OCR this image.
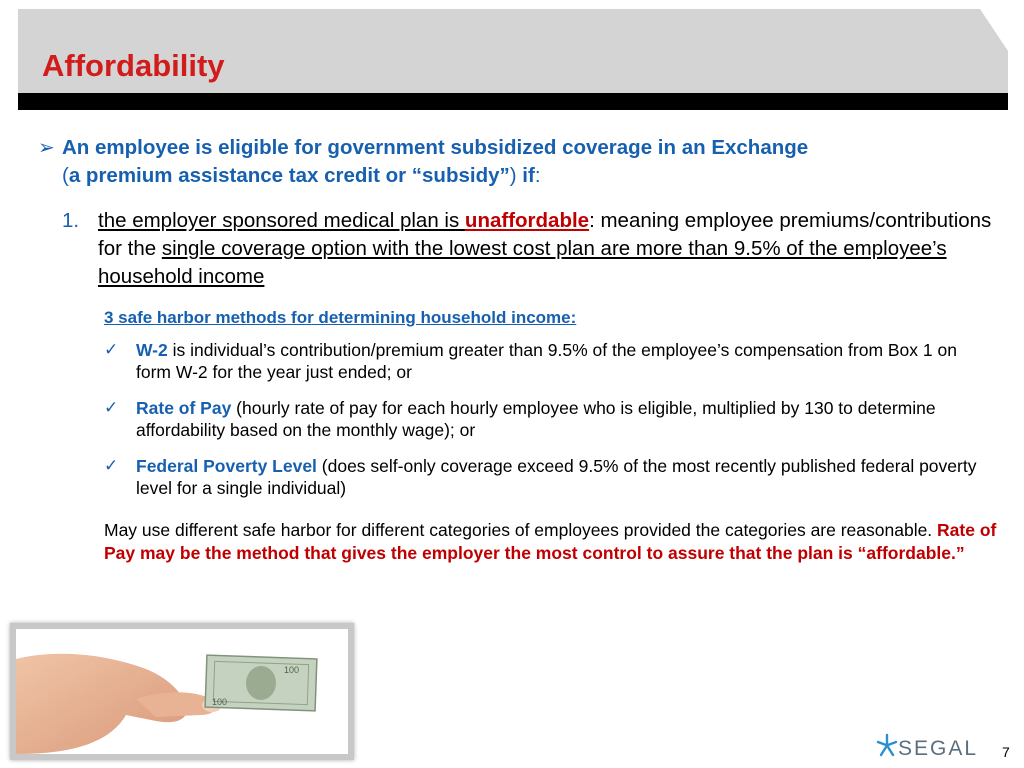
Affordability
➢ An employee is eligible for government subsidized coverage in an Exchange
(a premium assistance tax credit or “subsidy”) if:
1. the employer sponsored medical plan is unaffordable: meaning employee premiums/contributions for the single coverage option with the lowest cost plan are more than 9.5% of the employee’s household income
3 safe harbor methods for determining household income:
✓ W-2 is individual’s contribution/premium greater than 9.5% of the employee’s compensation from Box 1 on form W-2 for the year just ended; or
✓ Rate of Pay (hourly rate of pay for each hourly employee who is eligible, multiplied by 130 to determine affordability based on the monthly wage); or
✓ Federal Poverty Level (does self-only coverage exceed 9.5% of the most recently published federal poverty level for a single individual)
May use different safe harbor for different categories of employees provided the categories are reasonable. Rate of Pay may be the method that gives the employer the most control to assure that the plan is “affordable.”
100
100
SEGAL 7
